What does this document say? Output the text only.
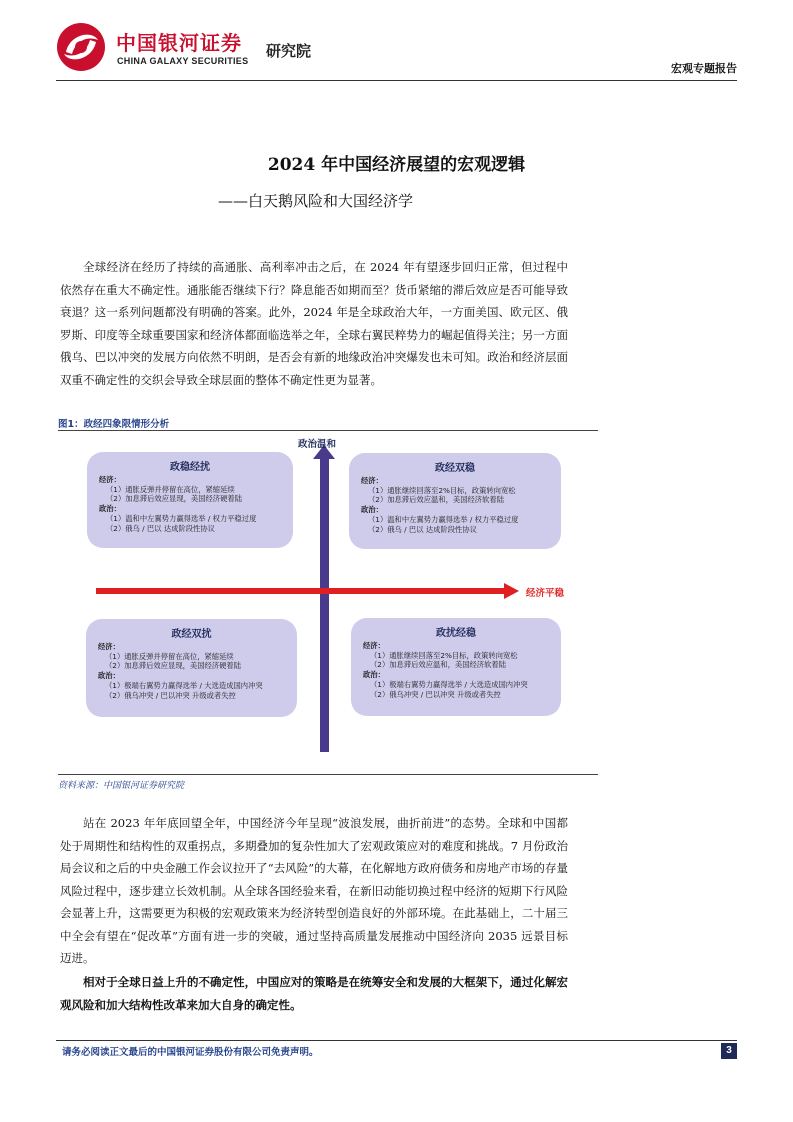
中国银河证券
CHINA GALAXY SECURITIES
研究院
宏观专题报告
2024 年中国经济展望的宏观逻辑
——白天鹅风险和大国经济学

全球经济在经历了持续的高通胀、高利率冲击之后，在 2024 年有望逐步回归正常，但过程中依然存在重大不确定性。通胀能否继续下行？降息能否如期而至？货币紧缩的滞后效应是否可能导致衰退？这一系列问题都没有明确的答案。此外，2024 年是全球政治大年，一方面美国、欧元区、俄罗斯、印度等全球重要国家和经济体都面临选举之年，全球右翼民粹势力的崛起值得关注；另一方面俄乌、巴以冲突的发展方向依然不明朗，是否会有新的地缘政治冲突爆发也未可知。政治和经济层面双重不确定性的交织会导致全球层面的整体不确定性更为显著。

图1：政经四象限情形分析
政治温和
经济平稳
政稳经扰
经济：
（1）通胀反弹并停留在高位，紧缩延续
（2）加息滞后效应显现，美国经济硬着陆
政治：
（1）温和中左翼势力赢得选举 / 权力平稳过度
（2）俄乌 / 巴以 达成阶段性协议
政经双稳
经济：
（1）通胀继续回落至2%目标，政策转向宽松
（2）加息滞后效应温和，美国经济软着陆
政治：
（1）温和中左翼势力赢得选举 / 权力平稳过度
（2）俄乌 / 巴以 达成阶段性协议
政经双扰
经济：
（1）通胀反弹并停留在高位，紧缩延续
（2）加息滞后效应显现，美国经济硬着陆
政治：
（1）极端右翼势力赢得选举 / 大选造成国内冲突
（2）俄乌冲突 / 巴以冲突 升级或者失控
政扰经稳
经济：
（1）通胀继续回落至2%目标，政策转向宽松
（2）加息滞后效应温和，美国经济软着陆
政治：
（1）极端右翼势力赢得选举 / 大选造成国内冲突
（2）俄乌冲突 / 巴以冲突 升级或者失控
资料来源：中国银河证券研究院

站在 2023 年年底回望全年，中国经济今年呈现“波浪发展，曲折前进”的态势。全球和中国都处于周期性和结构性的双重拐点，多期叠加的复杂性加大了宏观政策应对的难度和挑战。7 月份政治局会议和之后的中央金融工作会议拉开了“去风险”的大幕，在化解地方政府债务和房地产市场的存量风险过程中，逐步建立长效机制。从全球各国经验来看，在新旧动能切换过程中经济的短期下行风险会显著上升，这需要更为积极的宏观政策来为经济转型创造良好的外部环境。在此基础上，二十届三中全会有望在“促改革”方面有进一步的突破，通过坚持高质量发展推动中国经济向 2035 远景目标迈进。

相对于全球日益上升的不确定性，中国应对的策略是在统筹安全和发展的大框架下，通过化解宏观风险和加大结构性改革来加大自身的确定性。

请务必阅读正文最后的中国银河证券股份有限公司免责声明。	3
